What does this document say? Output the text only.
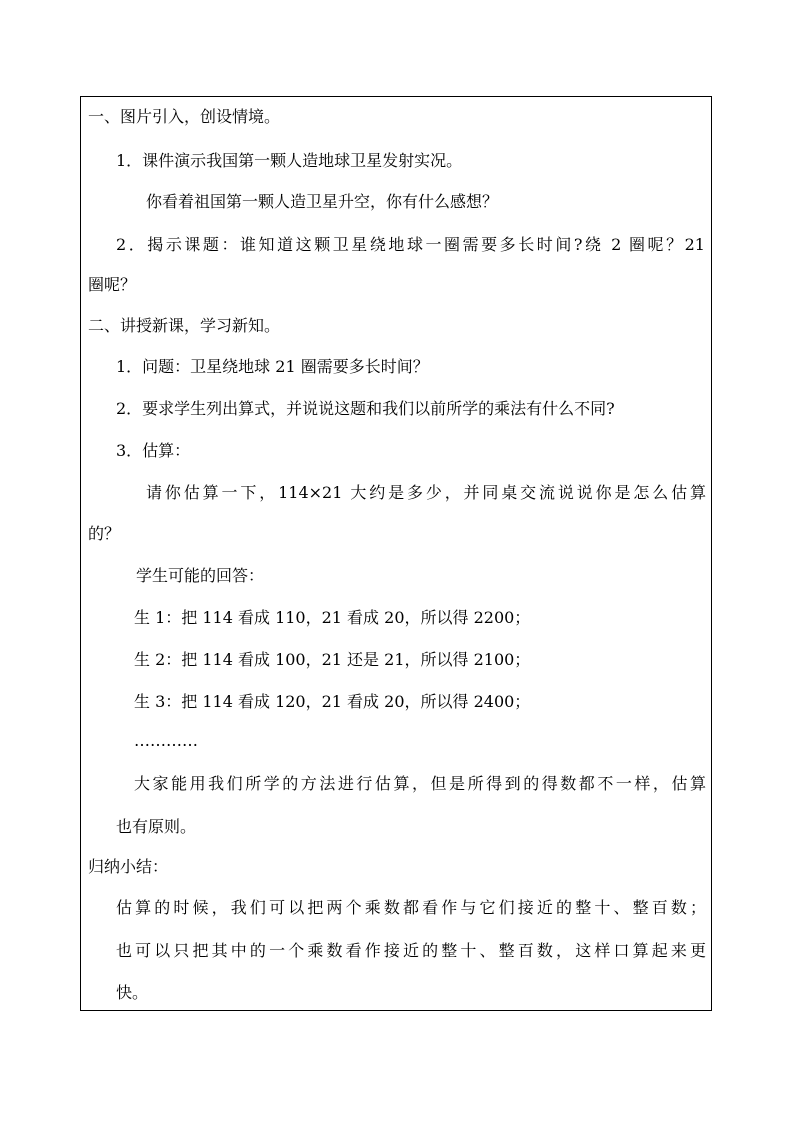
一、图片引入，创设情境。
1．课件演示我国第一颗人造地球卫星发射实况。
你看着祖国第一颗人造卫星升空，你有什么感想？
2．揭示课题：谁知道这颗卫星绕地球一圈需要多长时间?绕 2 圈呢？21
圈呢？
二、讲授新课，学习新知。
1．问题：卫星绕地球 21 圈需要多长时间？
2．要求学生列出算式，并说说这题和我们以前所学的乘法有什么不同?
3．估算：
请你估算一下，114×21 大约是多少，并同桌交流说说你是怎么估算
的？
学生可能的回答：
生 1：把 114 看成 110，21 看成 20，所以得 2200；
生 2：把 114 看成 100，21 还是 21，所以得 2100；
生 3：把 114 看成 120，21 看成 20，所以得 2400；
…………
大家能用我们所学的方法进行估算，但是所得到的得数都不一样，估算
也有原则。
归纳小结：
估算的时候，我们可以把两个乘数都看作与它们接近的整十、整百数；
也可以只把其中的一个乘数看作接近的整十、整百数，这样口算起来更
快。
